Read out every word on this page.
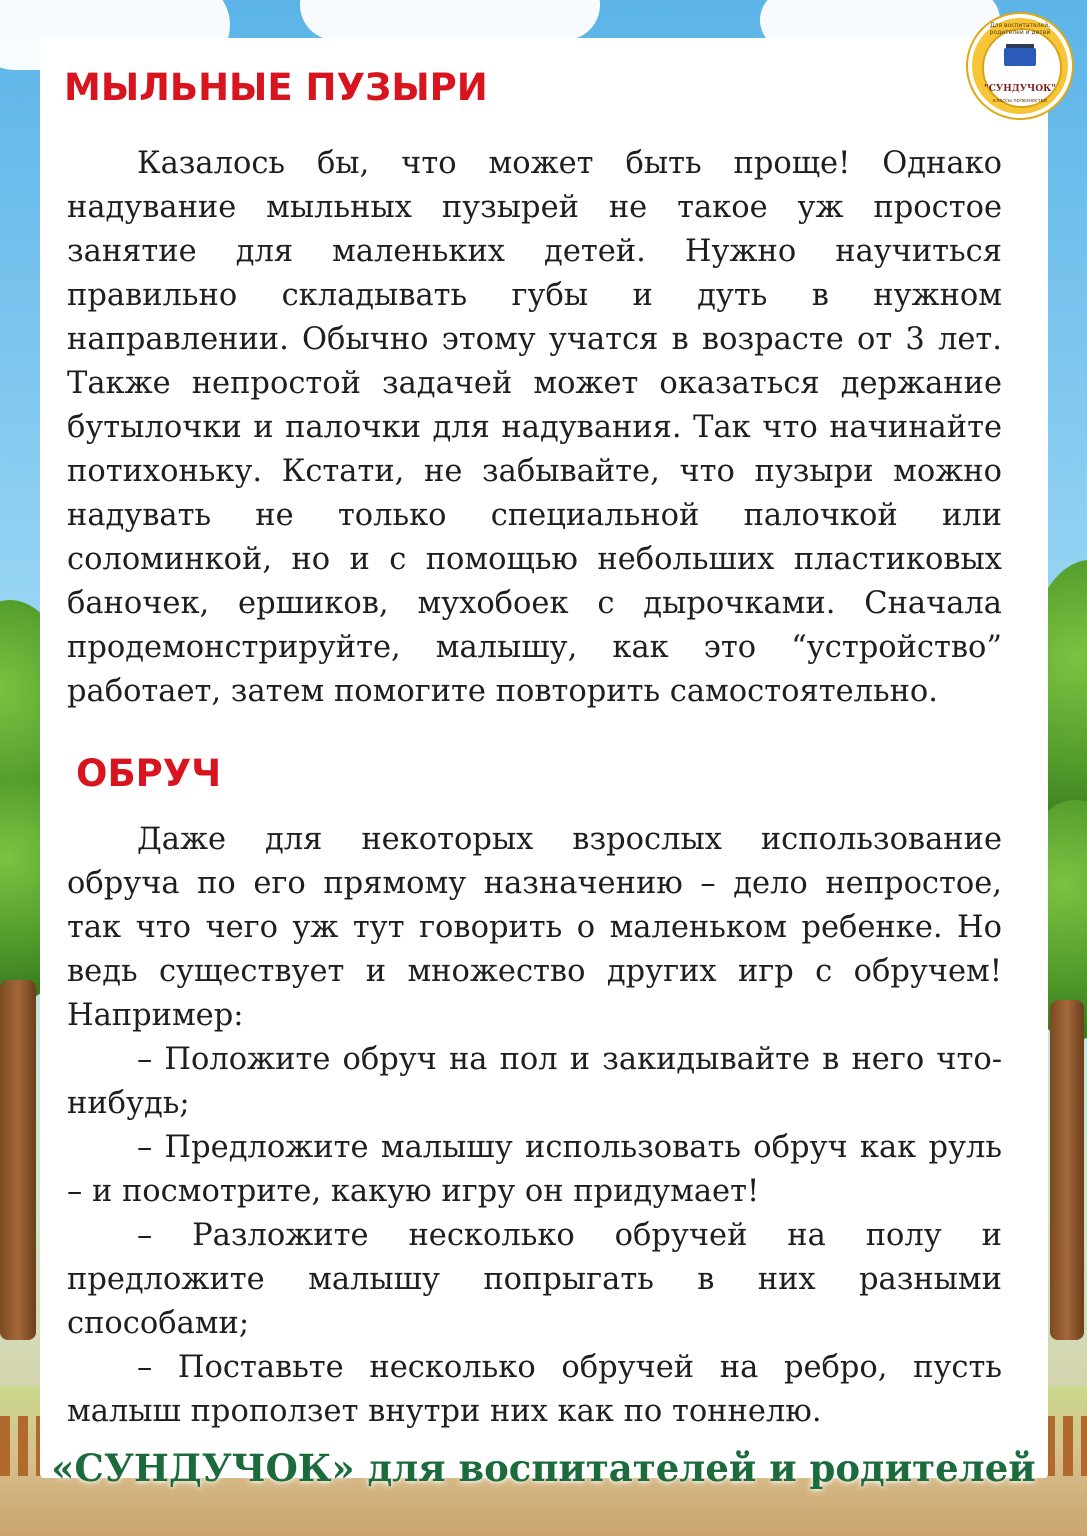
Для воспитателей, родителей и детей
"СУНДУЧОК"
классы полезностей
МЫЛЬНЫЕ ПУЗЫРИ

Казалось бы, что может быть проще! Однако надувание мыльных пузырей не такое уж простое занятие для маленьких детей. Нужно научиться правильно складывать губы и дуть в нужном направлении. Обычно этому учатся в возрасте от 3 лет. Также непростой задачей может оказаться держание бутылочки и палочки для надувания. Так что начинайте потихоньку. Кстати, не забывайте, что пузыри можно надувать не только специальной палочкой или соломинкой, но и с помощью небольших пластиковых баночек, ершиков, мухобоек с дырочками. Сначала продемонстрируйте, малышу, как это “устройство” работает, затем помогите повторить самостоятельно.

ОБРУЧ

Даже для некоторых взрослых использование обруча по его прямому назначению – дело непростое, так что чего уж тут говорить о маленьком ребенке. Но ведь существует и множество других игр с обручем! Например:

– Положите обруч на пол и закидывайте в него что-нибудь;

– Предложите малышу использовать обруч как руль – и посмотрите, какую игру он придумает!

– Разложите несколько обручей на полу и предложите малышу попрыгать в них разными способами;

– Поставьте несколько обручей на ребро, пусть малыш проползет внутри них как по тоннелю.

«СУНДУЧОК» для воспитателей и родителей
